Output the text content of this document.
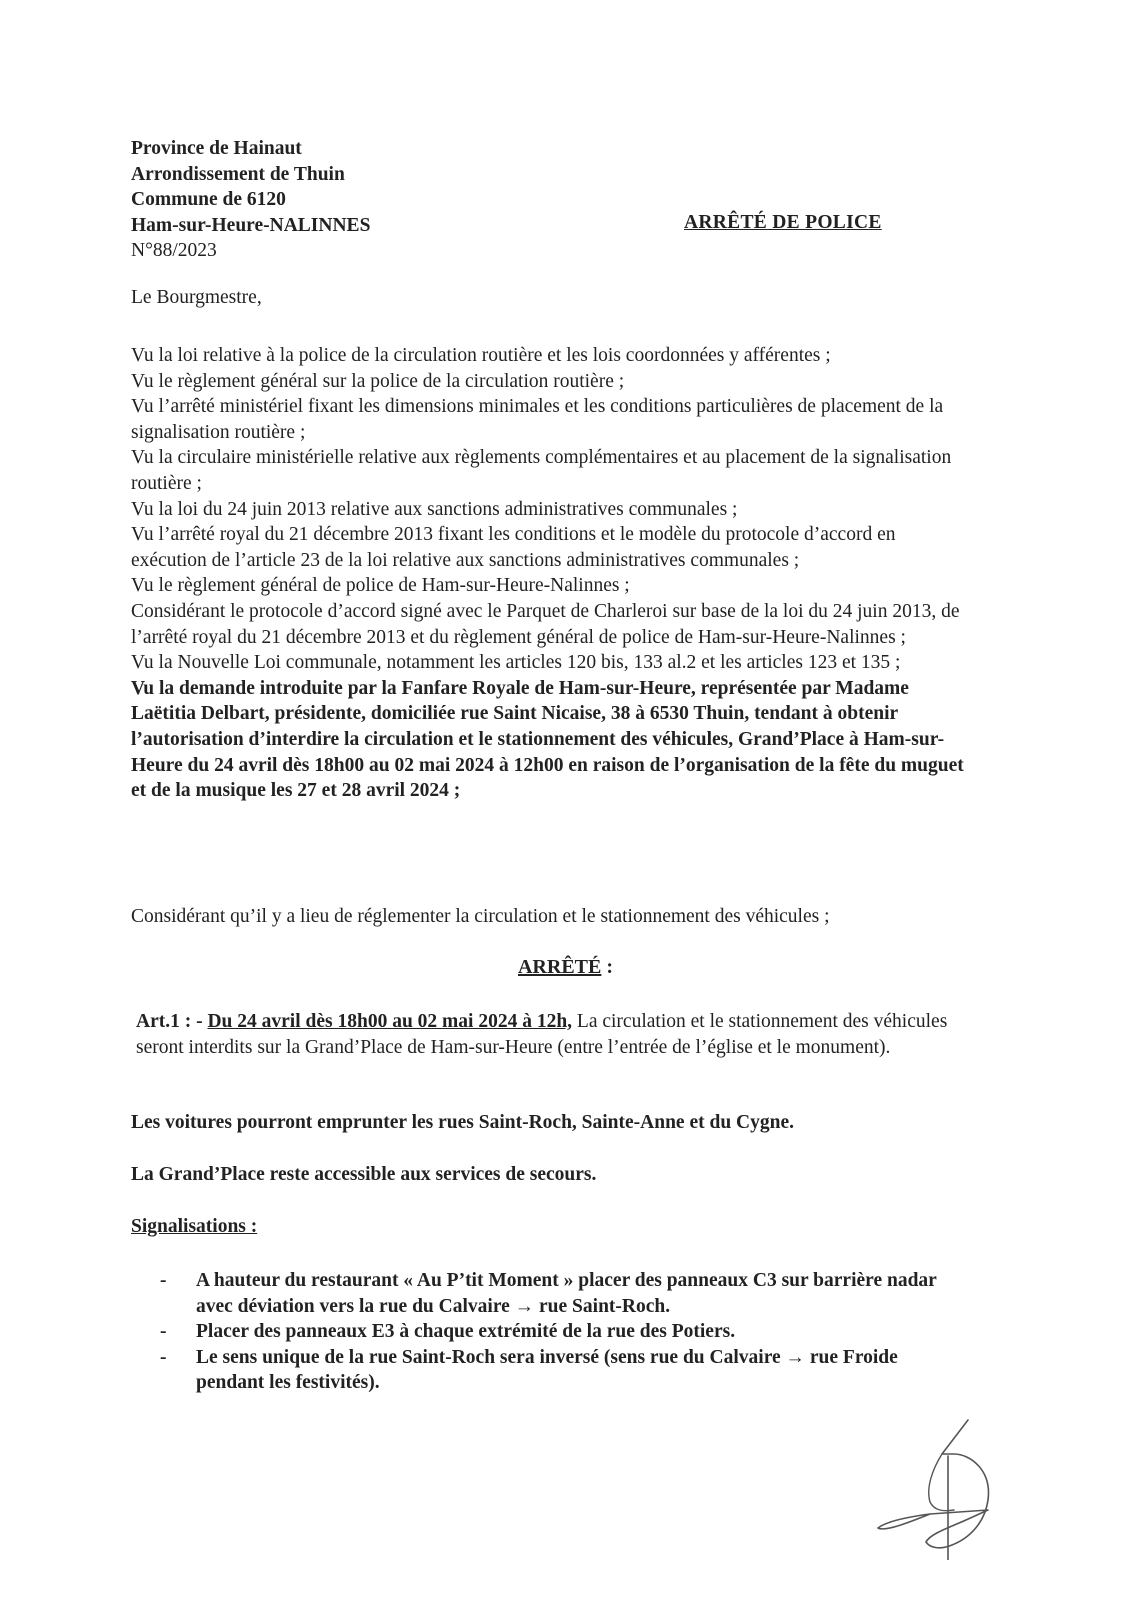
Province de Hainaut
Arrondissement de Thuin
Commune de 6120
Ham-sur-Heure-NALINNES
N°88/2023
ARRÊTÉ DE POLICE
Le Bourgmestre,

Vu la loi relative à la police de la circulation routière et les lois coordonnées y afférentes ;

Vu le règlement général sur la police de la circulation routière ;

Vu l’arrêté ministériel fixant les dimensions minimales et les conditions particulières de placement de la signalisation routière ;

Vu la circulaire ministérielle relative aux règlements complémentaires et au placement de la signalisation routière ;

Vu la loi du 24 juin 2013 relative aux sanctions administratives communales ;

Vu l’arrêté royal du 21 décembre 2013 fixant les conditions et le modèle du protocole d’accord en exécution de l’article 23 de la loi relative aux sanctions administratives communales ;

Vu le règlement général de police de Ham-sur-Heure-Nalinnes ;

Considérant le protocole d’accord signé avec le Parquet de Charleroi sur base de la loi du 24 juin 2013, de l’arrêté royal du 21 décembre 2013 et du règlement général de police de Ham-sur-Heure-Nalinnes ;

Vu la Nouvelle Loi communale, notamment les articles 120 bis, 133 al.2 et les articles 123 et 135 ;

Vu la demande introduite par la Fanfare Royale de Ham-sur-Heure, représentée par Madame Laëtitia Delbart, présidente, domiciliée rue Saint Nicaise, 38 à 6530 Thuin, tendant à obtenir l’autorisation d’interdire la circulation et le stationnement des véhicules, Grand’Place à Ham-sur-Heure du 24 avril dès 18h00 au 02 mai 2024 à 12h00 en raison de l’organisation de la fête du muguet et de la musique les 27 et 28 avril 2024 ;

Considérant qu’il y a lieu de réglementer la circulation et le stationnement des véhicules ;
ARRÊTÉ :
Art.1 : - Du 24 avril dès 18h00 au 02 mai 2024 à 12h, La circulation et le stationnement des véhicules seront interdits sur la Grand’Place de Ham-sur-Heure (entre l’entrée de l’église et le monument).
Les voitures pourront emprunter les rues Saint-Roch, Sainte-Anne et du Cygne.
La Grand’Place reste accessible aux services de secours.
Signalisations :
-	A hauteur du restaurant « Au P’tit Moment » placer des panneaux C3 sur barrière nadar avec déviation vers la rue du Calvaire → rue Saint-Roch.
-	Placer des panneaux E3 à chaque extrémité de la rue des Potiers.
-	Le sens unique de la rue Saint-Roch sera inversé (sens rue du Calvaire → rue Froide pendant les festivités).
